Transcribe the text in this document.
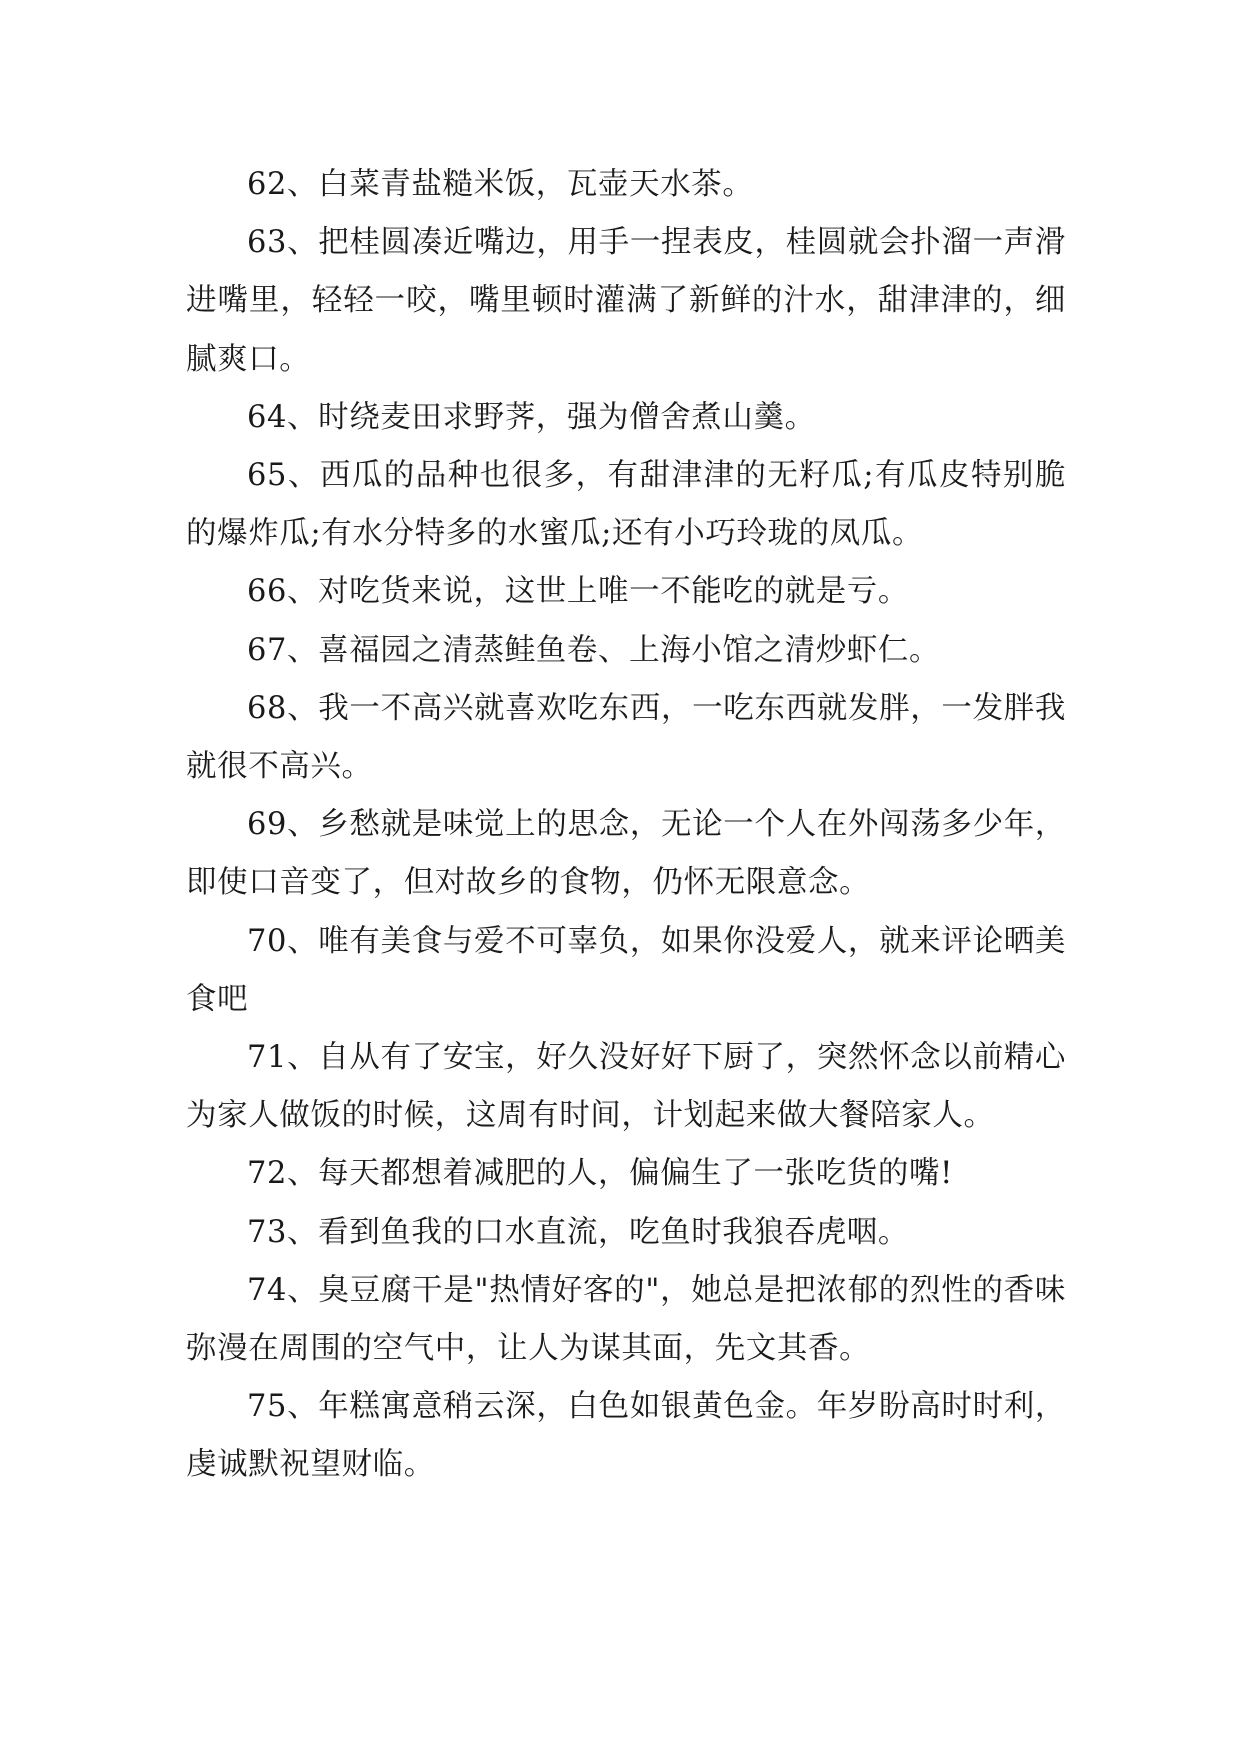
62、白菜青盐糙米饭，瓦壶天水茶。

63、把桂圆凑近嘴边，用手一捏表皮，桂圆就会扑溜一声滑进嘴里，轻轻一咬，嘴里顿时灌满了新鲜的汁水，甜津津的，细腻爽口。

64、时绕麦田求野荠，强为僧舍煮山羹。

65、西瓜的品种也很多，有甜津津的无籽瓜;有瓜皮特别脆的爆炸瓜;有水分特多的水蜜瓜;还有小巧玲珑的凤瓜。

66、对吃货来说，这世上唯一不能吃的就是亏。

67、喜福园之清蒸鲑鱼卷、上海小馆之清炒虾仁。

68、我一不高兴就喜欢吃东西，一吃东西就发胖，一发胖我就很不高兴。

69、乡愁就是味觉上的思念，无论一个人在外闯荡多少年，即使口音变了，但对故乡的食物，仍怀无限意念。

70、唯有美食与爱不可辜负，如果你没爱人，就来评论晒美食吧

71、自从有了安宝，好久没好好下厨了，突然怀念以前精心为家人做饭的时候，这周有时间，计划起来做大餐陪家人。

72、每天都想着减肥的人，偏偏生了一张吃货的嘴!

73、看到鱼我的口水直流，吃鱼时我狼吞虎咽。

74、臭豆腐干是"热情好客的"，她总是把浓郁的烈性的香味弥漫在周围的空气中，让人为谋其面，先文其香。

75、年糕寓意稍云深，白色如银黄色金。年岁盼高时时利，虔诚默祝望财临。
